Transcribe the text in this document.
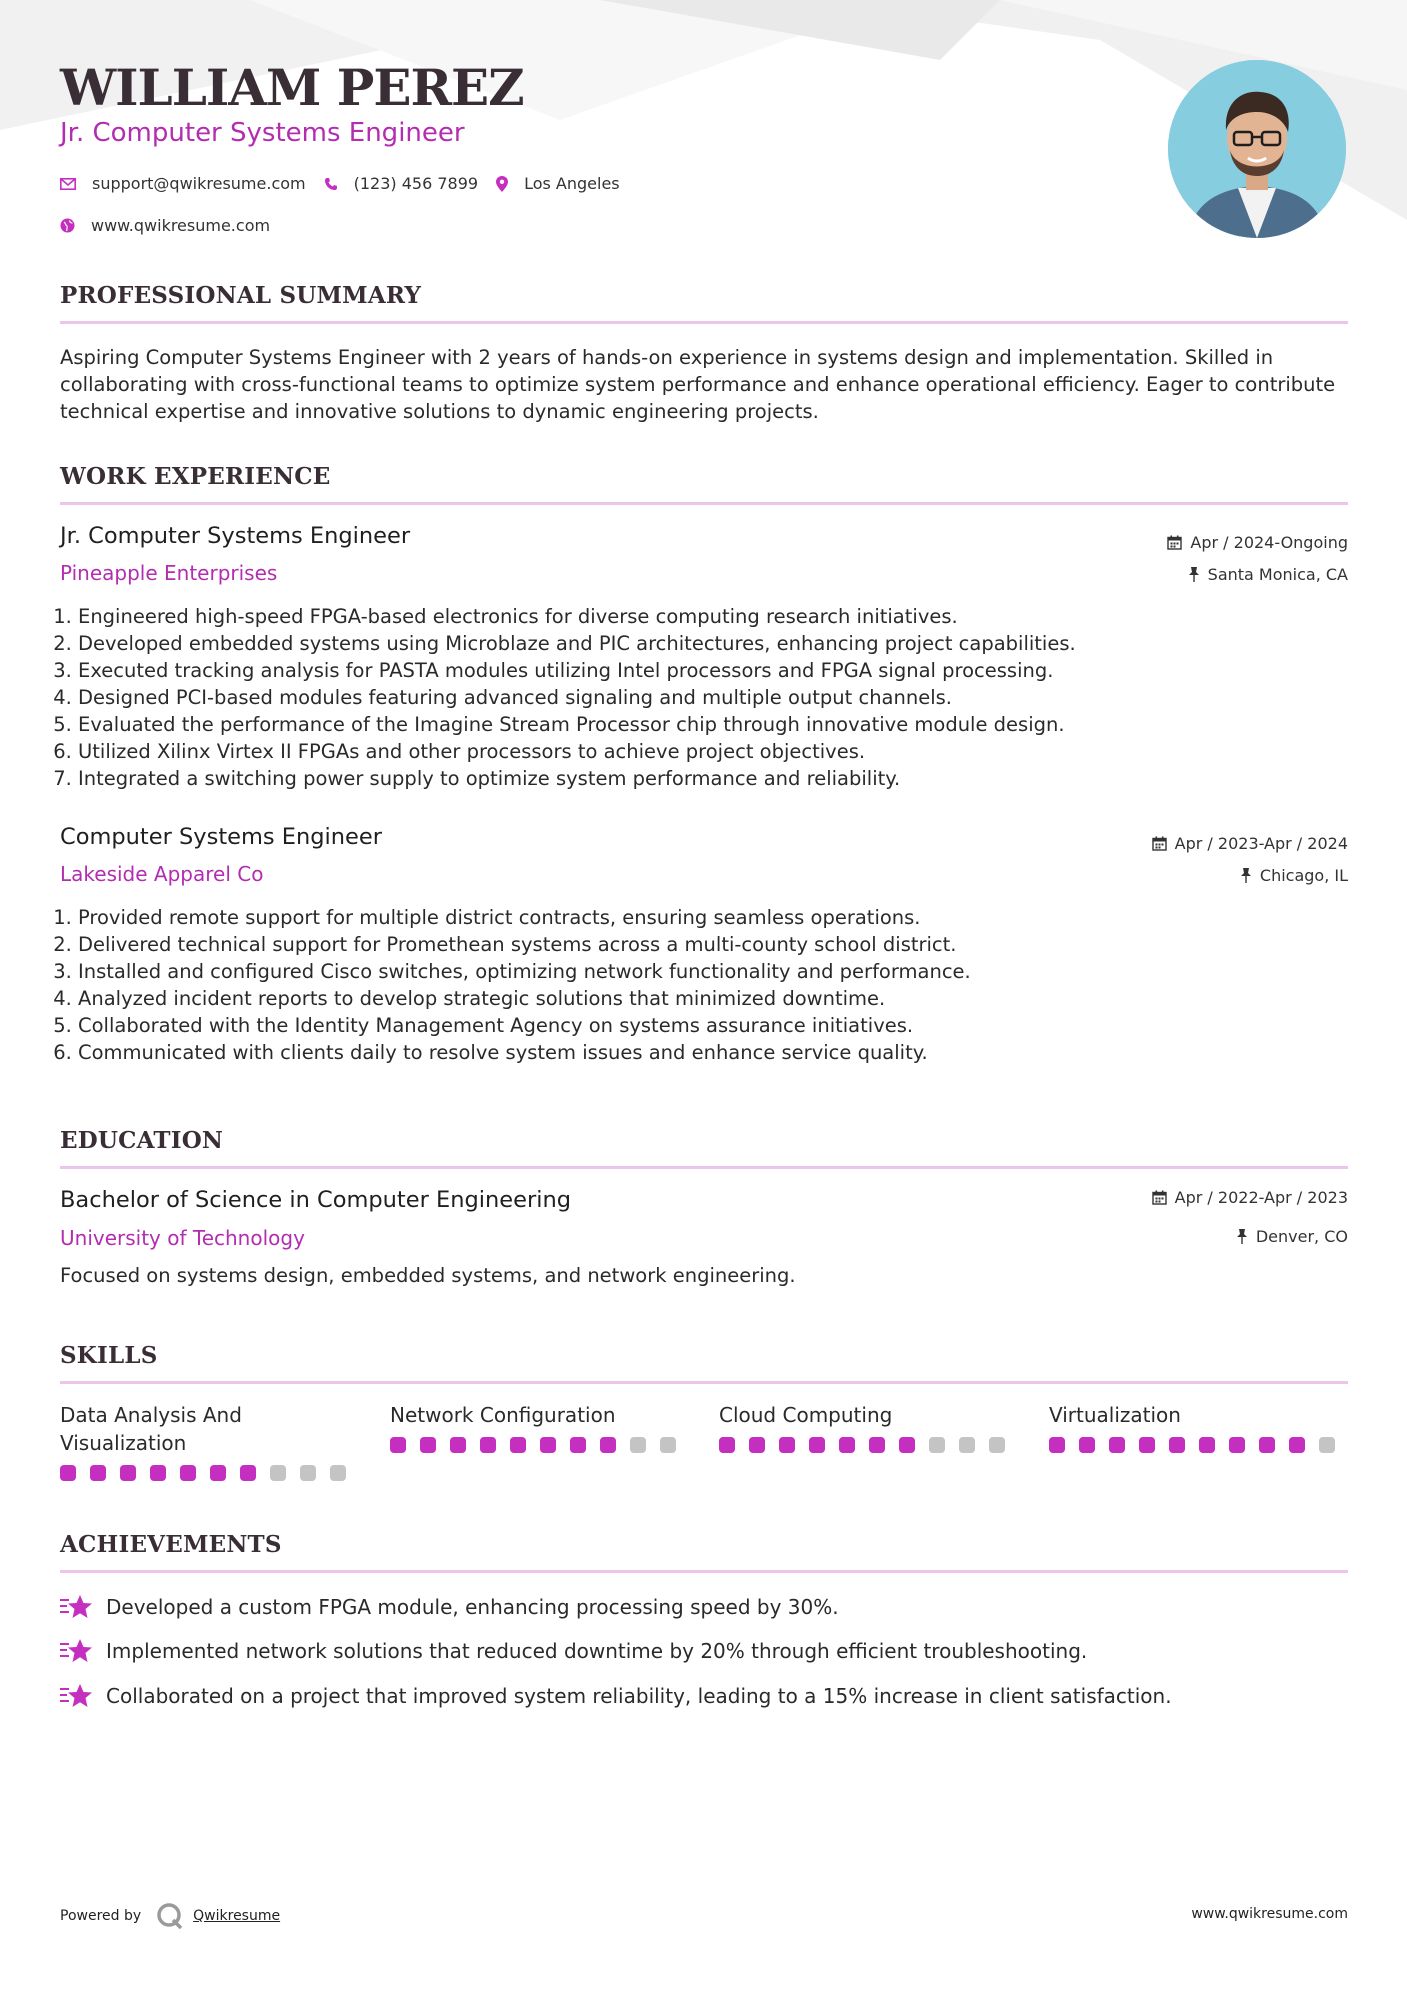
WILLIAM PEREZ
Jr. Computer Systems Engineer
support@qwikresume.com	(123) 456 7899	Los Angeles
www.qwikresume.com
PROFESSIONAL SUMMARY

Aspiring Computer Systems Engineer with 2 years of hands-on experience in systems design and implementation. Skilled in collaborating with cross-functional teams to optimize system performance and enhance operational efficiency. Eager to contribute technical expertise and innovative solutions to dynamic engineering projects.

WORK EXPERIENCE
Jr. Computer Systems Engineer
Pineapple Enterprises
Apr / 2024-Ongoing
Santa Monica, CA
1. Engineered high-speed FPGA-based electronics for diverse computing research initiatives.
2. Developed embedded systems using Microblaze and PIC architectures, enhancing project capabilities.
3. Executed tracking analysis for PASTA modules utilizing Intel processors and FPGA signal processing.
4. Designed PCI-based modules featuring advanced signaling and multiple output channels.
5. Evaluated the performance of the Imagine Stream Processor chip through innovative module design.
6. Utilized Xilinx Virtex II FPGAs and other processors to achieve project objectives.
7. Integrated a switching power supply to optimize system performance and reliability.
Computer Systems Engineer
Lakeside Apparel Co
Apr / 2023-Apr / 2024
Chicago, IL
1. Provided remote support for multiple district contracts, ensuring seamless operations.
2. Delivered technical support for Promethean systems across a multi-county school district.
3. Installed and configured Cisco switches, optimizing network functionality and performance.
4. Analyzed incident reports to develop strategic solutions that minimized downtime.
5. Collaborated with the Identity Management Agency on systems assurance initiatives.
6. Communicated with clients daily to resolve system issues and enhance service quality.
EDUCATION
Bachelor of Science in Computer Engineering
University of Technology
Apr / 2022-Apr / 2023
Denver, CO

Focused on systems design, embedded systems, and network engineering.

SKILLS
Data Analysis And Visualization
Network Configuration	Cloud Computing	Virtualization
ACHIEVEMENTS
Developed a custom FPGA module, enhancing processing speed by 30%.
Implemented network solutions that reduced downtime by 20% through efficient troubleshooting.
Collaborated on a project that improved system reliability, leading to a 15% increase in client satisfaction.
Powered by	Qwikresume	www.qwikresume.com
